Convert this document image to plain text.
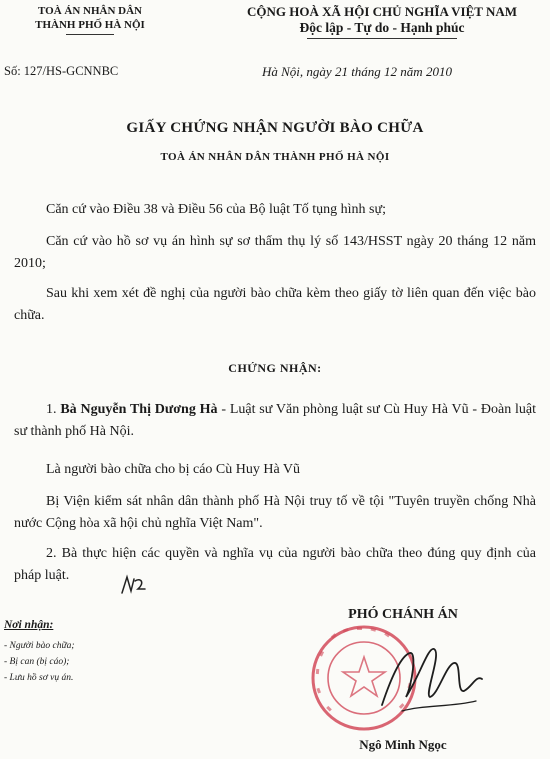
TOÀ ÁN NHÂN DÂN
THÀNH PHỐ HÀ NỘI
CỘNG HOÀ XÃ HỘI CHỦ NGHĨA VIỆT NAM
Độc lập - Tự do - Hạnh phúc
Số: 127/HS-GCNNBC	Hà Nội, ngày 21 tháng 12 năm 2010
GIẤY CHỨNG NHẬN NGƯỜI BÀO CHỮA
TOÀ ÁN NHÂN DÂN THÀNH PHỐ HÀ NỘI
Căn cứ vào Điều 38 và Điều 56 của Bộ luật Tố tụng hình sự;
Căn cứ vào hồ sơ vụ án hình sự sơ thẩm thụ lý số 143/HSST ngày 20 tháng 12 năm 2010;
Sau khi xem xét đề nghị của người bào chữa kèm theo giấy tờ liên quan đến việc bào chữa.
CHỨNG NHẬN:
1. Bà Nguyễn Thị Dương Hà - Luật sư Văn phòng luật sư Cù Huy Hà Vũ - Đoàn luật sư thành phố Hà Nội.
Là người bào chữa cho bị cáo Cù Huy Hà Vũ
Bị Viện kiểm sát nhân dân thành phố Hà Nội truy tố về tội "Tuyên truyền chống Nhà nước Cộng hòa xã hội chủ nghĩa Việt Nam".
2. Bà thực hiện các quyền và nghĩa vụ của người bào chữa theo đúng quy định của pháp luật.
Nơi nhận:
- Người bào chữa;
- Bị can (bị cáo);
- Lưu hồ sơ vụ án.
PHÓ CHÁNH ÁN
Ngô Minh Ngọc
